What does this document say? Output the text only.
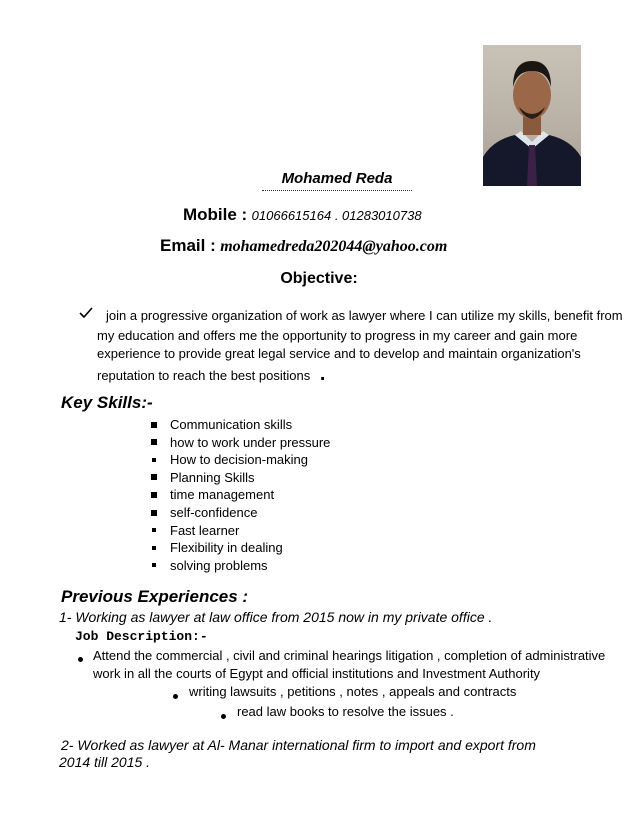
Mohamed Reda
Mobile : 01066615164 . 01283010738
Email : mohamedreda202044@yahoo.com
Objective:
join a progressive organization of work as lawyer where I can utilize my skills, benefit from
my education and offers me the opportunity to progress in my career and gain more
experience to provide great legal service and to develop and maintain organization's
reputation to reach the best positions .
Key Skills:-
Communication skills
how to work under pressure
How to decision-making
Planning Skills
time management
self-confidence
Fast learner
Flexibility in dealing
solving problems
Previous Experiences :
1- Working as lawyer at law office from 2015 now in my private office .
Job Description:-
Attend the commercial , civil and criminal hearings litigation , completion of administrative
work in all the courts of Egypt and official institutions and Investment Authority
writing lawsuits , petitions , notes , appeals and contracts
read law books to resolve the issues .
2- Worked as lawyer at Al- Manar international firm to import and export from
2014 till 2015 .
